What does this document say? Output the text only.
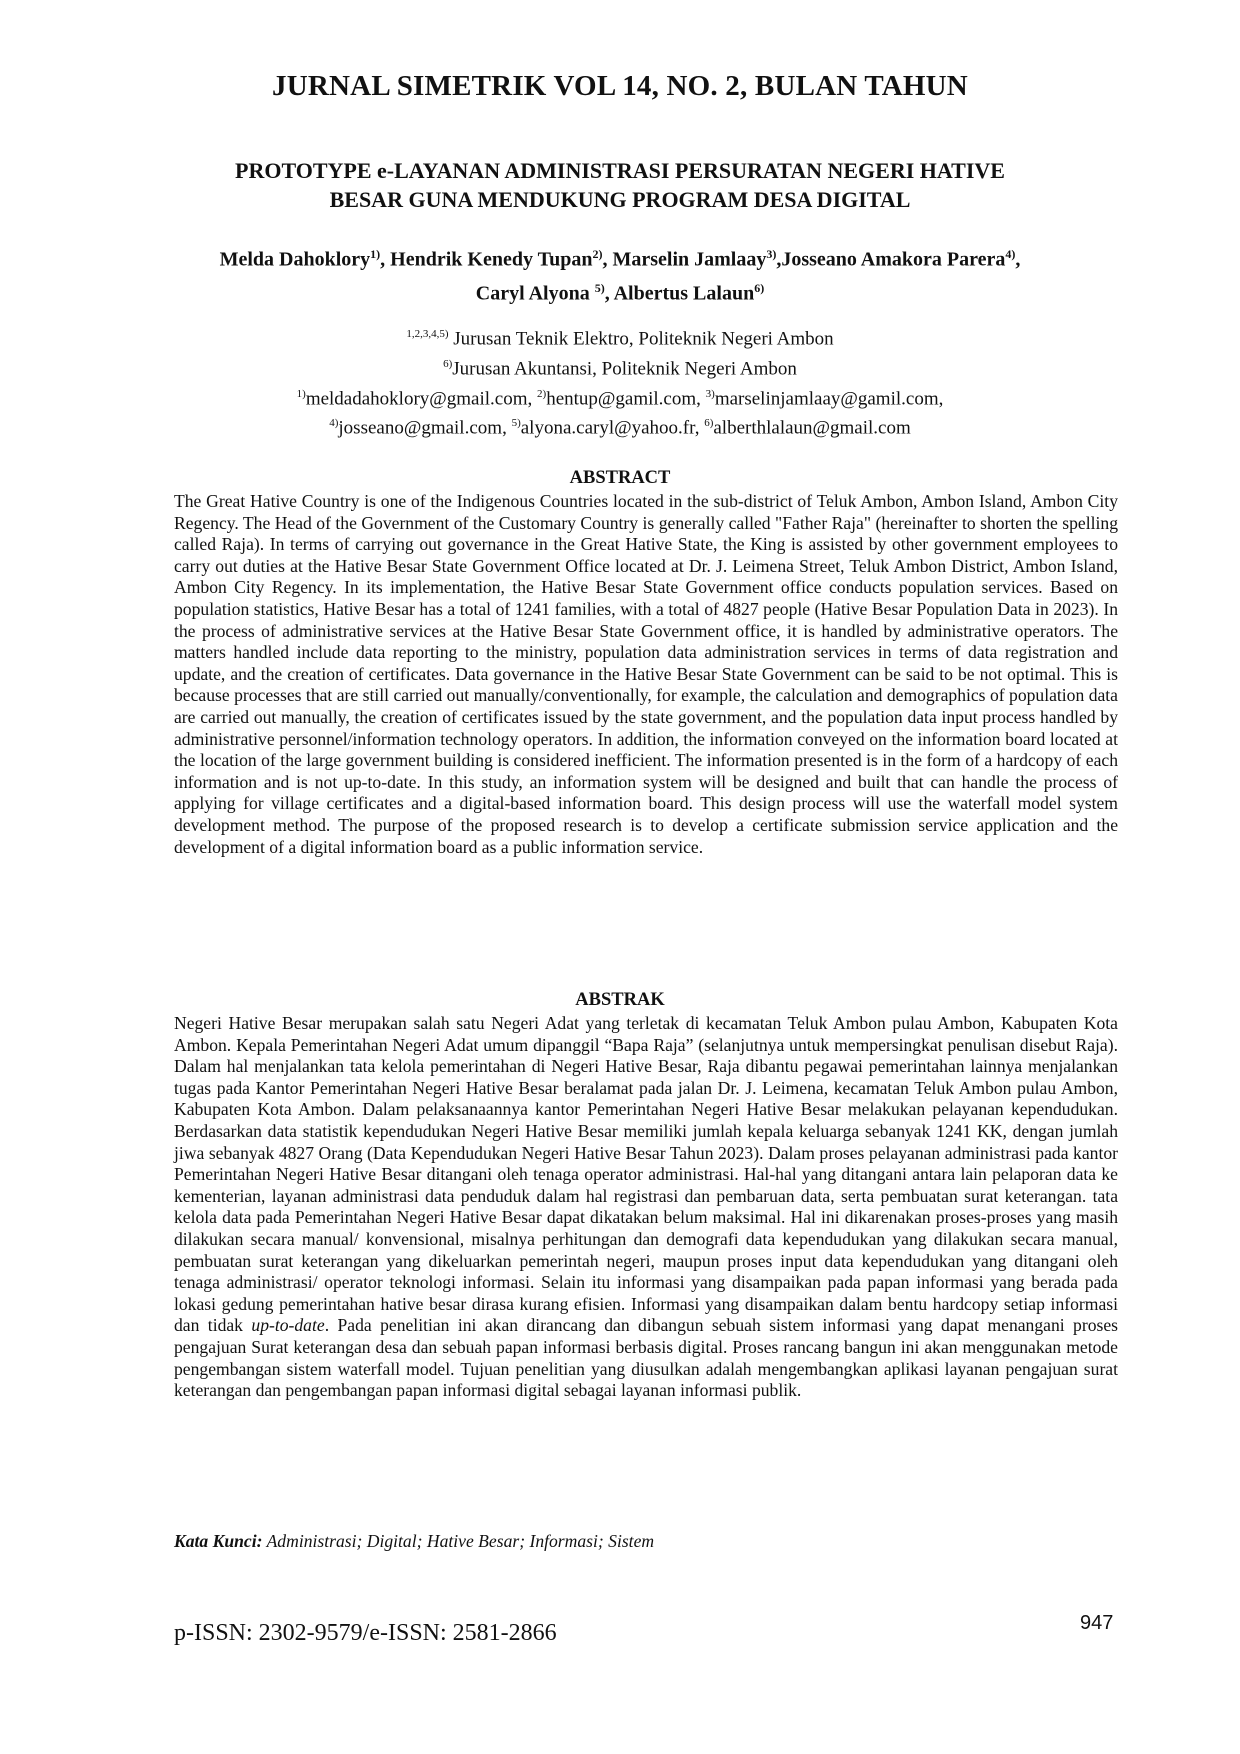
JURNAL SIMETRIK VOL 14, NO. 2, BULAN TAHUN
PROTOTYPE e-LAYANAN ADMINISTRASI PERSURATAN NEGERI HATIVE
BESAR GUNA MENDUKUNG PROGRAM DESA DIGITAL
Melda Dahoklory$^{1)}$, Hendrik Kenedy Tupan$^{2)}$, Marselin Jamlaay$^{3)}$,Josseano Amakora Parera$^{4)}$,
Caryl Alyona $^{5)}$, Albertus Lalaun$^{6)}$
$^{1,2,3,4,5)}$ Jurusan Teknik Elektro, Politeknik Negeri Ambon
$^{6)}$Jurusan Akuntansi, Politeknik Negeri Ambon
$^{1)}$meldadahoklory@gmail.com, $^{2)}$hentup@gamil.com, $^{3)}$marselinjamlaay@gamil.com,
$^{4)}$josseano@gmail.com, $^{5)}$alyona.caryl@yahoo.fr, $^{6)}$alberthlalaun@gmail.com
ABSTRACT

The Great Hative Country is one of the Indigenous Countries located in the sub-district of Teluk Ambon, Ambon Island, Ambon City Regency. The Head of the Government of the Customary Country is generally called "Father Raja" (hereinafter to shorten the spelling called Raja). In terms of carrying out governance in the Great Hative State, the King is assisted by other government employees to carry out duties at the Hative Besar State Government Office located at Dr. J. Leimena Street, Teluk Ambon District, Ambon Island, Ambon City Regency. In its implementation, the Hative Besar State Government office conducts population services. Based on population statistics, Hative Besar has a total of 1241 families, with a total of 4827 people (Hative Besar Population Data in 2023). In the process of administrative services at the Hative Besar State Government office, it is handled by administrative operators. The matters handled include data reporting to the ministry, population data administration services in terms of data registration and update, and the creation of certificates. Data governance in the Hative Besar State Government can be said to be not optimal. This is because processes that are still carried out manually/conventionally, for example, the calculation and demographics of population data are carried out manually, the creation of certificates issued by the state government, and the population data input process handled by administrative personnel/information technology operators. In addition, the information conveyed on the information board located at the location of the large government building is considered inefficient. The information presented is in the form of a hardcopy of each information and is not up-to-date. In this study, an information system will be designed and built that can handle the process of applying for village certificates and a digital-based information board. This design process will use the waterfall model system development method. The purpose of the proposed research is to develop a certificate submission service application and the development of a digital information board as a public information service.

ABSTRAK

Negeri Hative Besar merupakan salah satu Negeri Adat yang terletak di kecamatan Teluk Ambon pulau Ambon, Kabupaten Kota Ambon. Kepala Pemerintahan Negeri Adat umum dipanggil “Bapa Raja” (selanjutnya untuk mempersingkat penulisan disebut Raja). Dalam hal menjalankan tata kelola pemerintahan di Negeri Hative Besar, Raja dibantu pegawai pemerintahan lainnya menjalankan tugas pada Kantor Pemerintahan Negeri Hative Besar beralamat pada jalan Dr. J. Leimena, kecamatan Teluk Ambon pulau Ambon, Kabupaten Kota Ambon. Dalam pelaksanaannya kantor Pemerintahan Negeri Hative Besar melakukan pelayanan kependudukan. Berdasarkan data statistik kependudukan Negeri Hative Besar memiliki jumlah kepala keluarga sebanyak 1241 KK, dengan jumlah jiwa sebanyak 4827 Orang (Data Kependudukan Negeri Hative Besar Tahun 2023). Dalam proses pelayanan administrasi pada kantor Pemerintahan Negeri Hative Besar ditangani oleh tenaga operator administrasi. Hal-hal yang ditangani antara lain pelaporan data ke kementerian, layanan administrasi data penduduk dalam hal registrasi dan pembaruan data, serta pembuatan surat keterangan. tata kelola data pada Pemerintahan Negeri Hative Besar dapat dikatakan belum maksimal. Hal ini dikarenakan proses-proses yang masih dilakukan secara manual/ konvensional, misalnya perhitungan dan demografi data kependudukan yang dilakukan secara manual, pembuatan surat keterangan yang dikeluarkan pemerintah negeri, maupun proses input data kependudukan yang ditangani oleh tenaga administrasi/ operator teknologi informasi. Selain itu informasi yang disampaikan pada papan informasi yang berada pada lokasi gedung pemerintahan hative besar dirasa kurang efisien. Informasi yang disampaikan dalam bentu hardcopy setiap informasi dan tidak up-to-date. Pada penelitian ini akan dirancang dan dibangun sebuah sistem informasi yang dapat menangani proses pengajuan Surat keterangan desa dan sebuah papan informasi berbasis digital. Proses rancang bangun ini akan menggunakan metode pengembangan sistem waterfall model. Tujuan penelitian yang diusulkan adalah mengembangkan aplikasi layanan pengajuan surat keterangan dan pengembangan papan informasi digital sebagai layanan informasi publik.

Kata Kunci: Administrasi; Digital; Hative Besar; Informasi; Sistem
p-ISSN: 2302-9579/e-ISSN: 2581-2866	947
